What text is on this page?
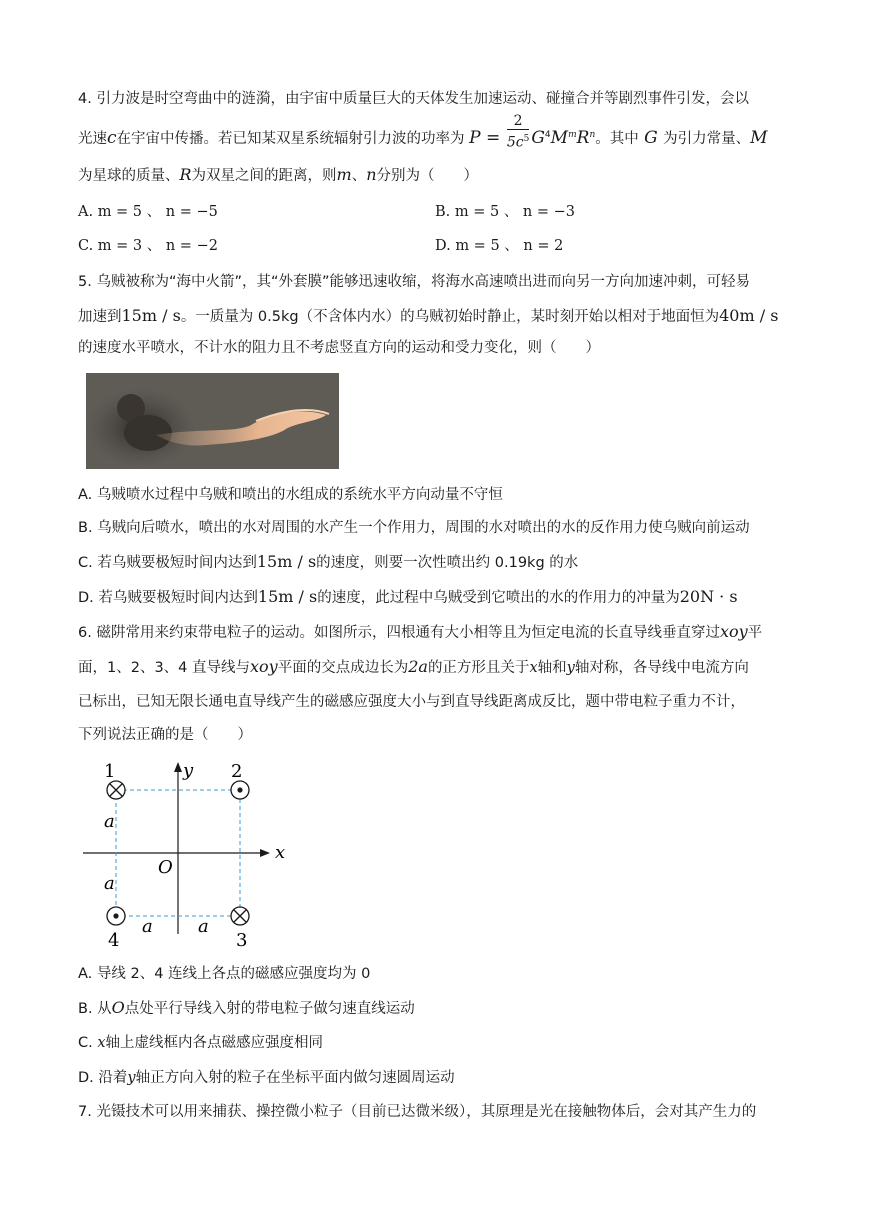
4. 引力波是时空弯曲中的涟漪，由宇宙中质量巨大的天体发生加速运动、碰撞合并等剧烈事件引发，会以
光速c在宇宙中传播。若已知某双星系统辐射引力波的功率为 $P = \frac{2}{5c^5} G^4M^mR^n$。其中 G 为引力常量、M
为星球的质量、R为双星之间的距离，则m、n分别为（　　）
A. m = 5 、 n = −5	B. m = 5 、 n = −3
C. m = 3 、 n = −2	D. m = 5 、 n = 2
5. 乌贼被称为“海中火箭”，其“外套膜”能够迅速收缩，将海水高速喷出进而向另一方向加速冲刺，可轻易
加速到15m / s。一质量为 0.5kg（不含体内水）的乌贼初始时静止，某时刻开始以相对于地面恒为40m / s
的速度水平喷水，不计水的阻力且不考虑竖直方向的运动和受力变化，则（　　）
A. 乌贼喷水过程中乌贼和喷出的水组成的系统水平方向动量不守恒
B. 乌贼向后喷水，喷出的水对周围的水产生一个作用力，周围的水对喷出的水的反作用力使乌贼向前运动
C. 若乌贼要极短时间内达到15m / s的速度，则要一次性喷出约 0.19kg 的水
D. 若乌贼要极短时间内达到15m / s的速度，此过程中乌贼受到它喷出的水的作用力的冲量为20N · s
6. 磁阱常用来约束带电粒子的运动。如图所示，四根通有大小相等且为恒定电流的长直导线垂直穿过xoy平
面，1、2、3、4 直导线与xoy平面的交点成边长为2a的正方形且关于x轴和y轴对称，各导线中电流方向
已标出，已知无限长通电直导线产生的磁感应强度大小与到直导线距离成反比，题中带电粒子重力不计，
下列说法正确的是（　　）
1	2
3
4
y
x
O
a
a
a	a
A. 导线 2、4 连线上各点的磁感应强度均为 0
B. 从O点处平行导线入射的带电粒子做匀速直线运动
C. x轴上虚线框内各点磁感应强度相同
D. 沿着y轴正方向入射的粒子在坐标平面内做匀速圆周运动
7. 光镊技术可以用来捕获、操控微小粒子（目前已达微米级），其原理是光在接触物体后，会对其产生力的
